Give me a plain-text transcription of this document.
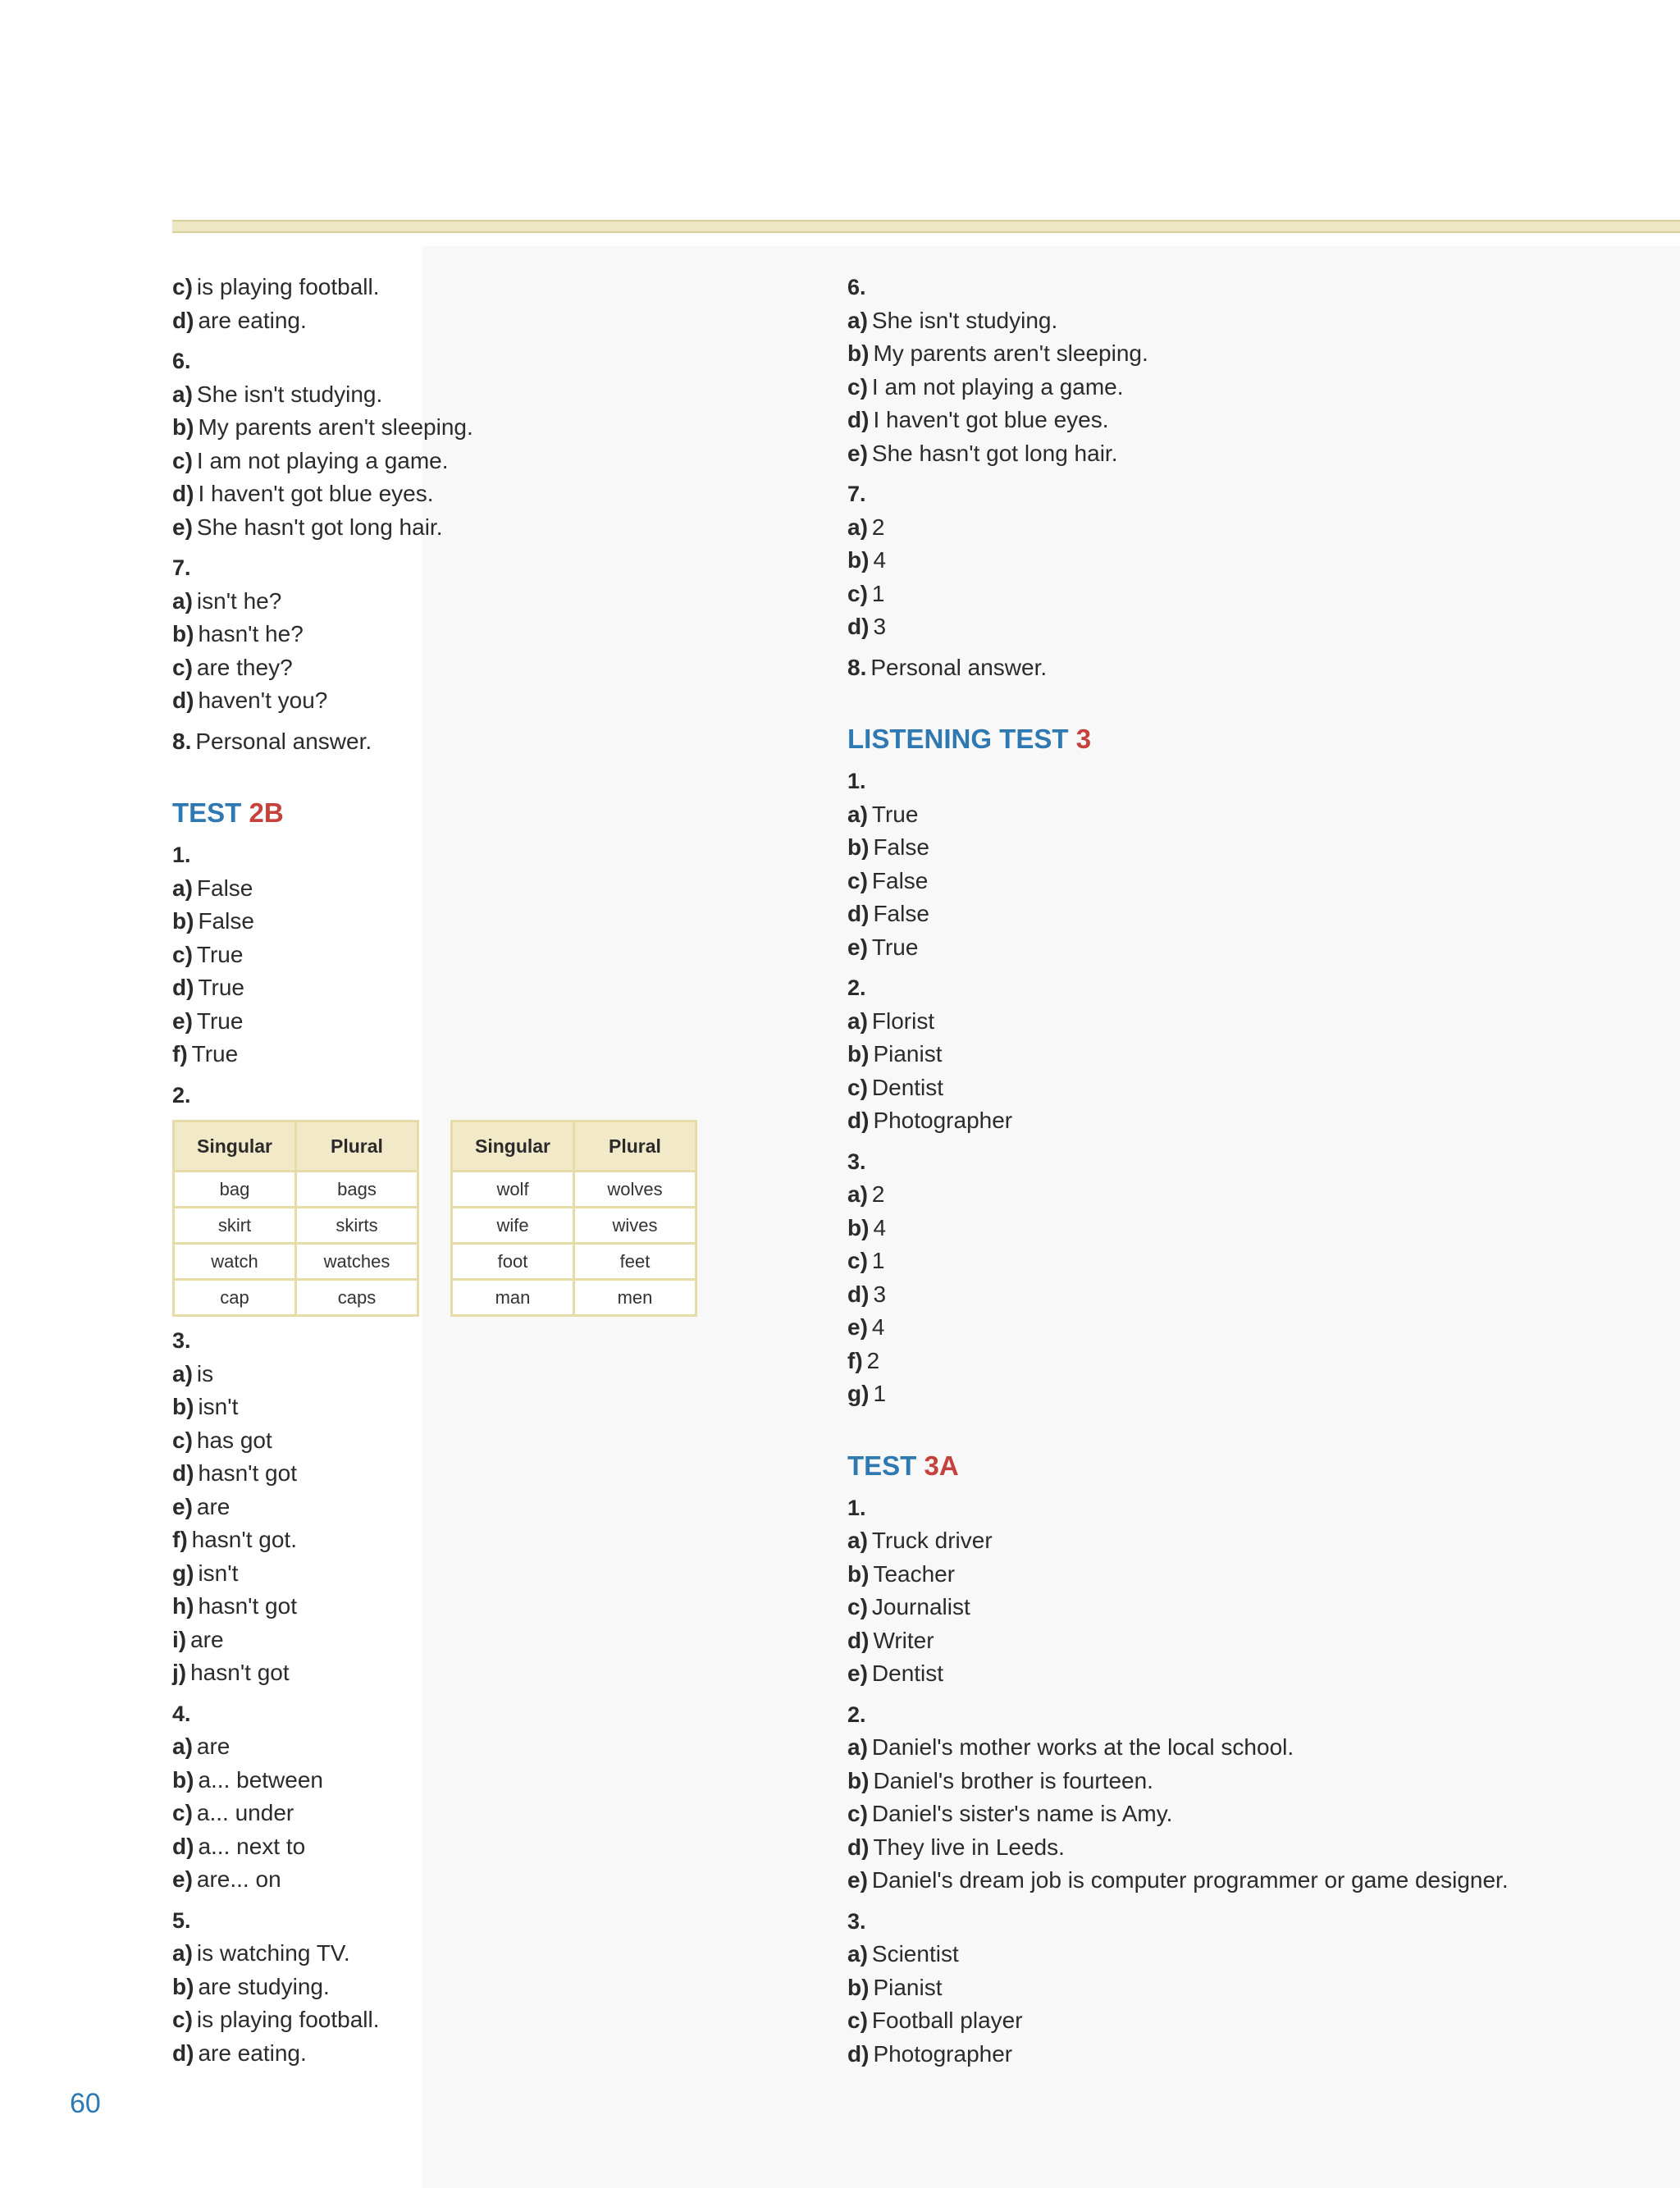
c) is playing football.
d) are eating.
6.
a) She isn't studying.
b) My parents aren't sleeping.
c) I am not playing a game.
d) I haven't got blue eyes.
e) She hasn't got long hair.
7.
a) isn't he?
b) hasn't he?
c) are they?
d) haven't you?
8. Personal answer.
TEST 2B
1.
a) False
b) False
c) True
d) True
e) True
f) True
2.
Singular	Plural
bag	bags
skirt	skirts
watch	watches
cap	caps
Singular	Plural
wolf	wolves
wife	wives
foot	feet
man	men
3.
a) is
b) isn't
c) has got
d) hasn't got
e) are
f) hasn't got.
g) isn't
h) hasn't got
i) are
j) hasn't got
4.
a) are
b) a... between
c) a... under
d) a... next to
e) are... on
5.
a) is watching TV.
b) are studying.
c) is playing football.
d) are eating.
6.
a) She isn't studying.
b) My parents aren't sleeping.
c) I am not playing a game.
d) I haven't got blue eyes.
e) She hasn't got long hair.
7.
a) 2
b) 4
c) 1
d) 3
8. Personal answer.
LISTENING TEST 3
1.
a) True
b) False
c) False
d) False
e) True
2.
a) Florist
b) Pianist
c) Dentist
d) Photographer
3.
a) 2
b) 4
c) 1
d) 3
e) 4
f) 2
g) 1
TEST 3A
1.
a) Truck driver
b) Teacher
c) Journalist
d) Writer
e) Dentist
2.
a) Daniel's mother works at the local school.
b) Daniel's brother is fourteen.
c) Daniel's sister's name is Amy.
d) They live in Leeds.
e) Daniel's dream job is computer programmer or game designer.
3.
a) Scientist
b) Pianist
c) Football player
d) Photographer
60
